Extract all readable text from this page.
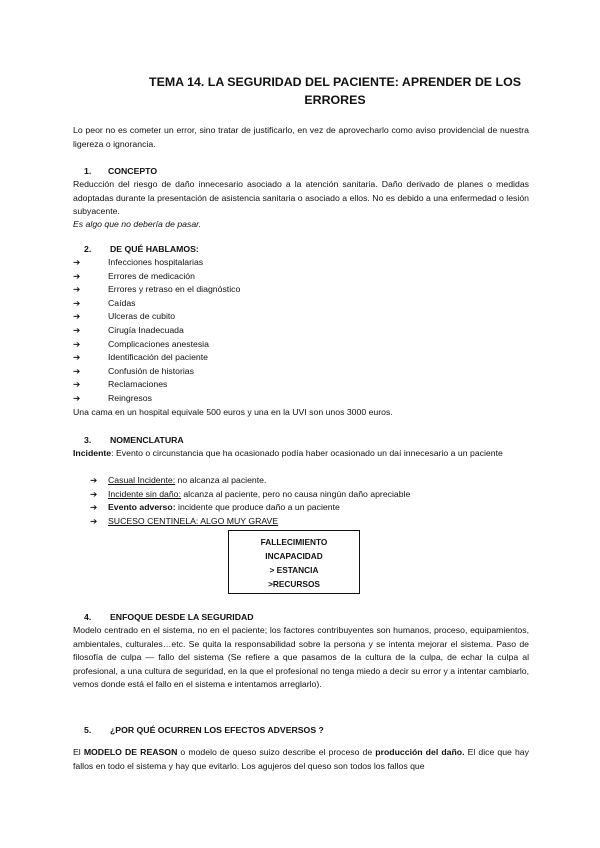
TEMA 14. LA SEGURIDAD DEL PACIENTE: APRENDER DE LOS ERRORES
Lo peor no es cometer un error, sino tratar de justificarlo, en vez de aprovecharlo como aviso providencial de nuestra ligereza o ignorancia.
1. CONCEPTO
Reducción del riesgo de daño innecesario asociado a la atención sanitaria. Daño derivado de planes o medidas adoptadas durante la presentación de asistencia sanitaria o asociado a ellos. No es debido a una enfermedad o lesión subyacente.
Es algo que no debería de pasar.
2. DE QUÉ HABLAMOS:
➔	Infecciones hospitalarias
➔	Errores de medicación
➔	Errores y retraso en el diagnóstico
➔	Caídas
➔	Ulceras de cubito
➔	Cirugía Inadecuada
➔	Complicaciones anestesia
➔	Identificación del paciente
➔	Confusión de historias
➔	Reclamaciones
➔	Reingresos
Una cama en un hospital equivale 500 euros y una en la UVI son unos 3000 euros.
3. NOMENCLATURA
Incidente: Evento o circunstancia que ha ocasionado podía haber ocasionado un daí innecesario a un paciente
➔ Casual Incidente: no alcanza al paciente.
➔ Incidente sin daño: alcanza al paciente, pero no causa ningún daño apreciable
➔ Evento adverso: incidente que produce daño a un paciente
➔ SUCESO CENTINELA: ALGO MUY GRAVE
FALLECIMIENTO
INCAPACIDAD
> ESTANCIA
>RECURSOS
4. ENFOQUE DESDE LA SEGURIDAD
Modelo centrado en el sistema, no en el paciente; los factores contribuyentes son humanos, proceso, equipamientos, ambientales, culturales…etc. Se quita la responsabilidad sobre la persona y se intenta mejorar el sistema. Paso de filosofía de culpa — fallo del sistema (Se refiere a que pasamos de la cultura de la culpa, de echar la culpa al profesional, a una cultura de seguridad, en la que el profesional no tenga miedo a decir su error y a intentar cambiarlo, vemos donde está el fallo en el sistema e intentamos arreglarlo).
5. ¿POR QUÉ OCURREN LOS EFECTOS ADVERSOS ?
El MODELO DE REASON o modelo de queso suizo describe el proceso de producción del daño. El dice que hay fallos en todo el sistema y hay que evitarlo. Los agujeros del queso son todos los fallos que
